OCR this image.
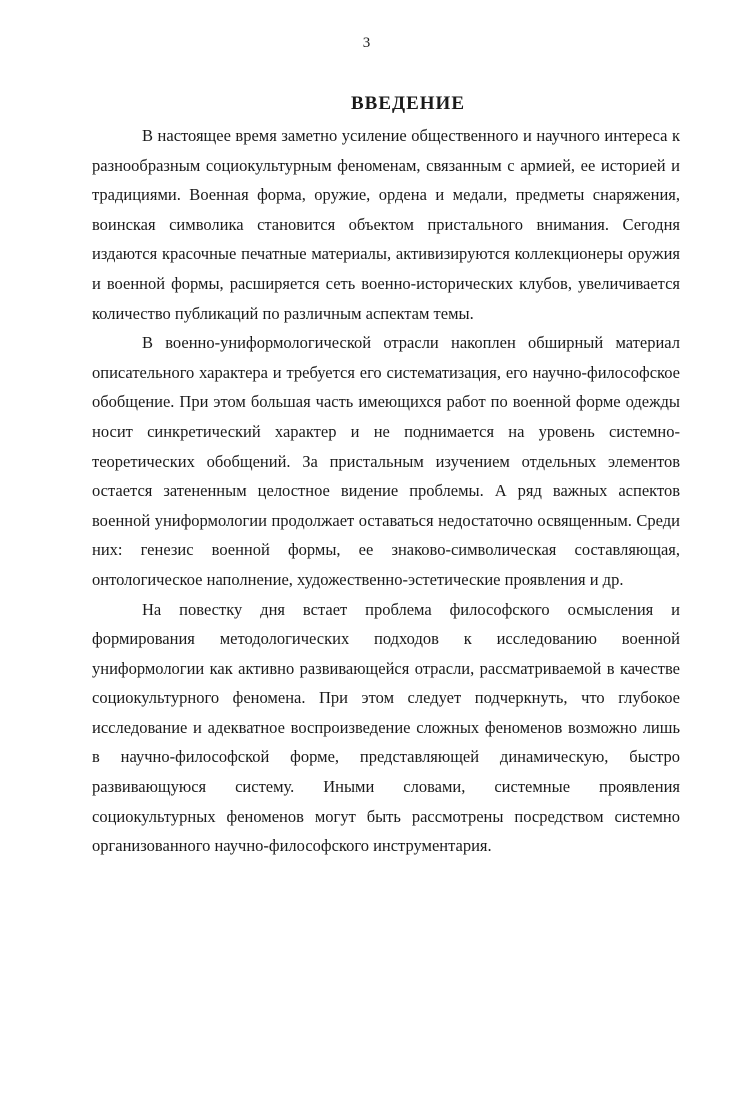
3
ВВЕДЕНИЕ

В настоящее время заметно усиление общественного и научного интереса к разнообразным социокультурным феноменам, связанным с армией, ее историей и традициями. Военная форма, оружие, ордена и медали, предметы снаряжения, воинская символика становится объектом пристального внимания. Сегодня издаются красочные печатные материалы, активизируются коллекционеры оружия и военной формы, расширяется сеть военно-исторических клубов, увеличивается количество публикаций по различным аспектам темы.

В военно-униформологической отрасли накоплен обширный материал описательного характера и требуется его систематизация, его научно-философское обобщение. При этом большая часть имеющихся работ по военной форме одежды носит синкретический характер и не поднимается на уровень системно-теоретических обобщений. За пристальным изучением отдельных элементов остается затененным целостное видение проблемы. А ряд важных аспектов военной униформологии продолжает оставаться недостаточно освященным. Среди них: генезис военной формы, ее знаково-символическая составляющая, онтологическое наполнение, художественно-эстетические проявления и др.

На повестку дня встает проблема философского осмысления и формирования методологических подходов к исследованию военной униформологии как активно развивающейся отрасли, рассматриваемой в качестве социокультурного феномена. При этом следует подчеркнуть, что глубокое исследование и адекватное воспроизведение сложных феноменов возможно лишь в научно-философской форме, представляющей динамическую, быстро развивающуюся систему. Иными словами, системные проявления социокультурных феноменов могут быть рассмотрены посредством системно организованного научно-философского инструментария.
